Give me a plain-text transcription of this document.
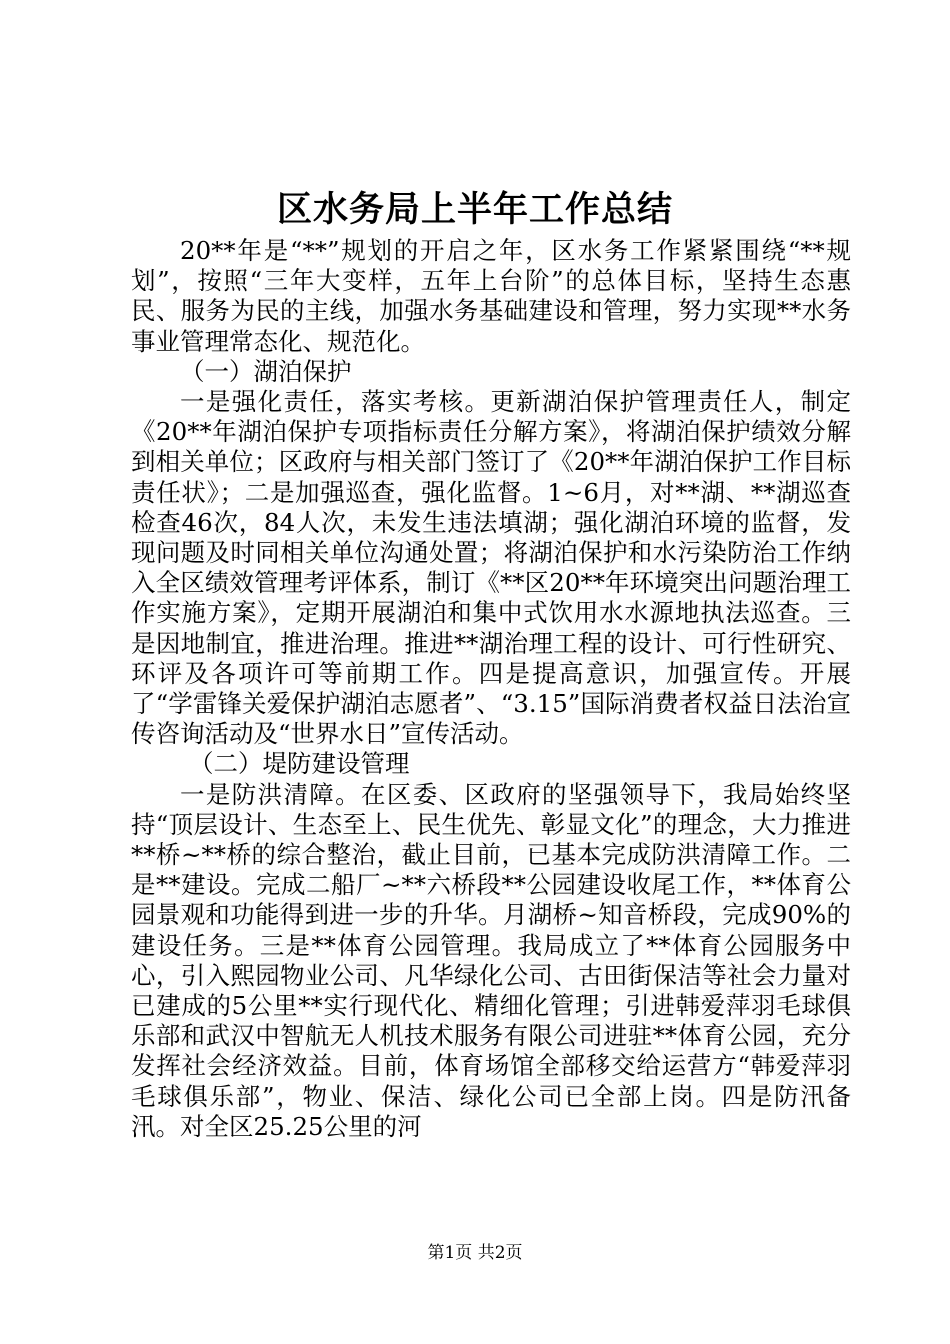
区水务局上半年工作总结

20**年是“**”规划的开启之年，区水务工作紧紧围绕“**规划”，按照“三年大变样，五年上台阶”的总体目标，坚持生态惠民、服务为民的主线，加强水务基础建设和管理，努力实现**水务事业管理常态化、规范化。

（一）湖泊保护

一是强化责任，落实考核。更新湖泊保护管理责任人，制定《20**年湖泊保护专项指标责任分解方案》，将湖泊保护绩效分解到相关单位；区政府与相关部门签订了《20**年湖泊保护工作目标责任状》；二是加强巡查，强化监督。1~6月，对**湖、**湖巡查检查46次，84人次，未发生违法填湖；强化湖泊环境的监督，发现问题及时同相关单位沟通处置；将湖泊保护和水污染防治工作纳入全区绩效管理考评体系，制订《**区20**年环境突出问题治理工作实施方案》，定期开展湖泊和集中式饮用水水源地执法巡查。三是因地制宜，推进治理。推进**湖治理工程的设计、可行性研究、环评及各项许可等前期工作。四是提高意识，加强宣传。开展了“学雷锋关爱保护湖泊志愿者”、“3.15”国际消费者权益日法治宣传咨询活动及“世界水日”宣传活动。

（二）堤防建设管理

一是防洪清障。在区委、区政府的坚强领导下，我局始终坚持“顶层设计、生态至上、民生优先、彰显文化”的理念，大力推进**桥~**桥的综合整治，截止目前，已基本完成防洪清障工作。二是**建设。完成二船厂~**六桥段**公园建设收尾工作，**体育公园景观和功能得到进一步的升华。月湖桥~知音桥段，完成90%的建设任务。三是**体育公园管理。我局成立了**体育公园服务中心，引入熙园物业公司、凡华绿化公司、古田街保洁等社会力量对已建成的5公里**实行现代化、精细化管理；引进韩爱萍羽毛球俱乐部和武汉中智航无人机技术服务有限公司进驻**体育公园，充分发挥社会经济效益。目前，体育场馆全部移交给运营方“韩爱萍羽毛球俱乐部”，物业、保洁、绿化公司已全部上岗。四是防汛备汛。对全区25.25公里的河

第1页 共2页
